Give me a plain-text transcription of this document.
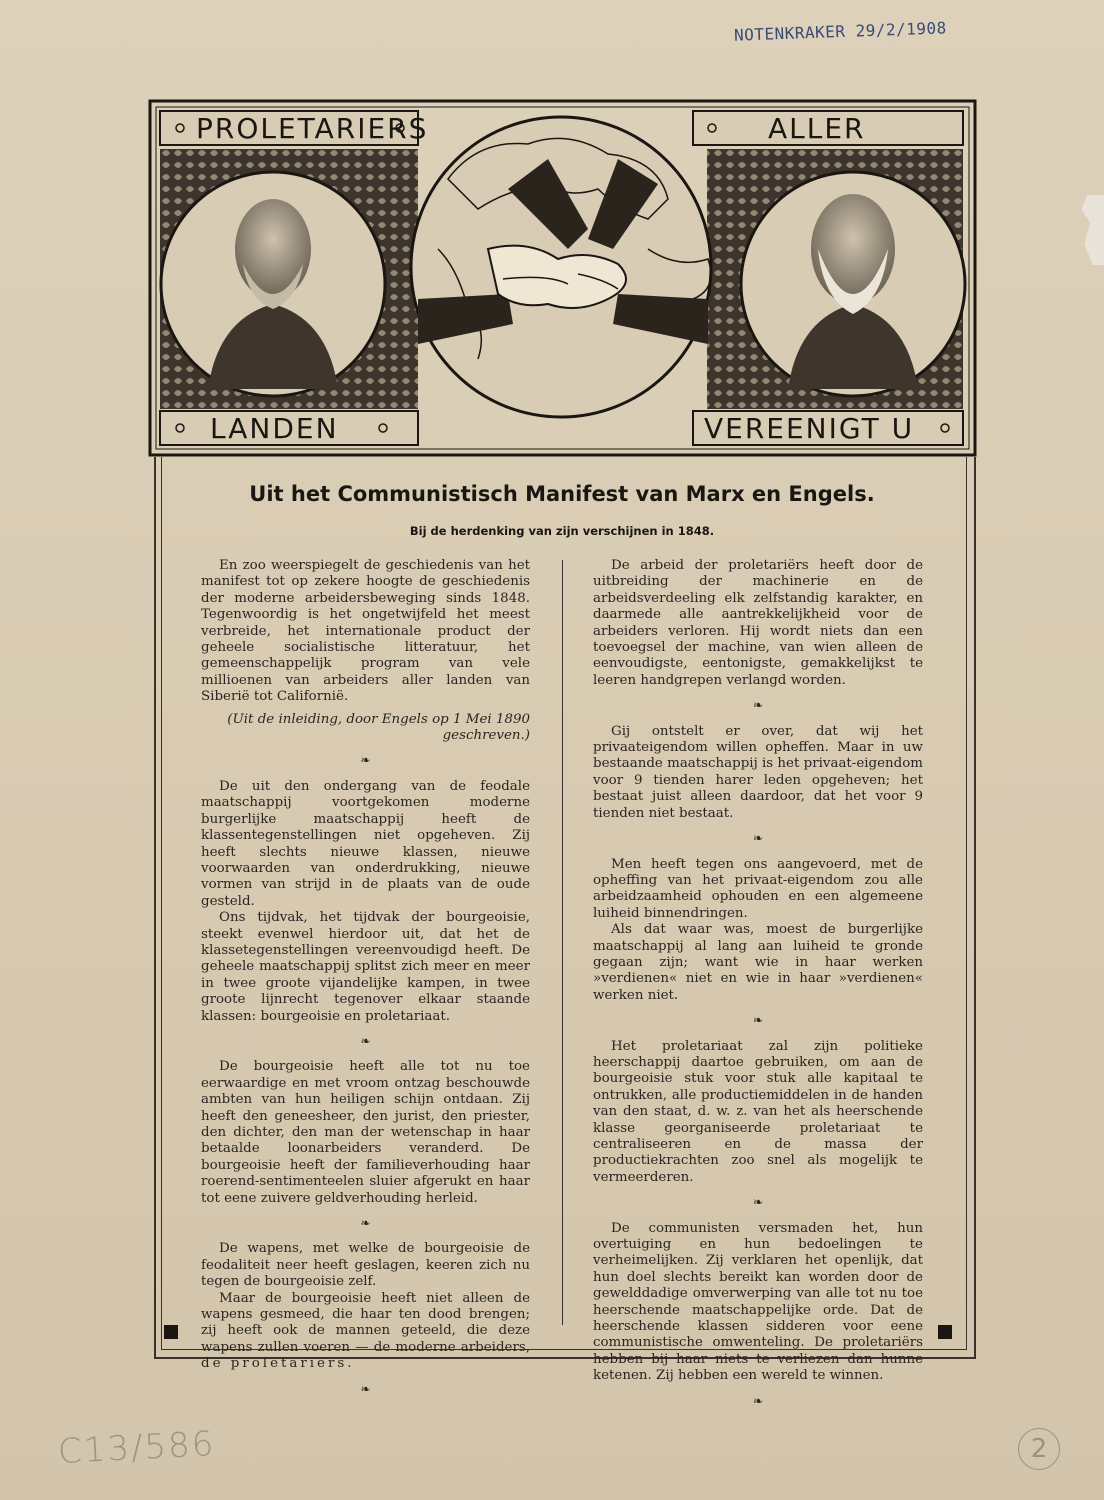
NOTENKRAKER 29/2/1908
C13/586	2
PROLETARIERS	ALLER
LANDEN	VEREENIGT U
Uit het Communistisch Manifest van Marx en Engels.
Bij de herdenking van zijn verschijnen in 1848.

En zoo weerspiegelt de geschiedenis van het manifest tot op zekere hoogte de geschiedenis der moderne arbeidersbeweging sinds 1848. Tegenwoordig is het ongetwijfeld het meest verbreide, het internationale product der geheele socialistische litteratuur, het gemeenschappelijk program van vele millioenen van arbeiders aller landen van Siberië tot Californië.

(Uit de inleiding, door Engels op 1 Mei 1890 geschreven.)

❧

De uit den ondergang van de feodale maatschappij voortgekomen moderne burgerlijke maatschappij heeft de klassentegenstellingen niet opgeheven. Zij heeft slechts nieuwe klassen, nieuwe voorwaarden van onderdrukking, nieuwe vormen van strijd in de plaats van de oude gesteld.

Ons tijdvak, het tijdvak der bourgeoisie, steekt evenwel hierdoor uit, dat het de klassetegenstellingen vereenvoudigd heeft. De geheele maatschappij splitst zich meer en meer in twee groote vijandelijke kampen, in twee groote lijnrecht tegenover elkaar staande klassen: bourgeoisie en proletariaat.

❧

De bourgeoisie heeft alle tot nu toe eerwaardige en met vroom ontzag beschouwde ambten van hun heiligen schijn ontdaan. Zij heeft den geneesheer, den jurist, den priester, den dichter, den man der wetenschap in haar betaalde loonarbeiders veranderd. De bourgeoisie heeft der familieverhouding haar roerend-sentimenteelen sluier afgerukt en haar tot eene zuivere geldverhouding herleid.

❧

De wapens, met welke de bourgeoisie de feodaliteit neer heeft geslagen, keeren zich nu tegen de bourgeoisie zelf.

Maar de bourgeoisie heeft niet alleen de wapens gesmeed, die haar ten dood brengen; zij heeft ook de mannen geteeld, die deze wapens zullen voeren — de moderne arbeiders, de proletariërs.

❧

De arbeid der proletariërs heeft door de uitbreiding der machinerie en de arbeidsverdeeling elk zelfstandig karakter, en daarmede alle aantrekkelijkheid voor de arbeiders verloren. Hij wordt niets dan een toevoegsel der machine, van wien alleen de eenvoudigste, eentonigste, gemakkelijkst te leeren handgrepen verlangd worden.

❧

Gij ontstelt er over, dat wij het privaateigendom willen opheffen. Maar in uw bestaande maatschappij is het privaat-eigendom voor 9 tienden harer leden opgeheven; het bestaat juist alleen daardoor, dat het voor 9 tienden niet bestaat.

❧

Men heeft tegen ons aangevoerd, met de opheffing van het privaat-eigendom zou alle arbeidzaamheid ophouden en een algemeene luiheid binnendringen.

Als dat waar was, moest de burgerlijke maatschappij al lang aan luiheid te gronde gegaan zijn; want wie in haar werken »verdienen« niet en wie in haar »verdienen« werken niet.

❧

Het proletariaat zal zijn politieke heerschappij daartoe gebruiken, om aan de bourgeoisie stuk voor stuk alle kapitaal te ontrukken, alle productiemiddelen in de handen van den staat, d. w. z. van het als heerschende klasse georganiseerde proletariaat te centraliseeren en de massa der productiekrachten zoo snel als mogelijk te vermeerderen.

❧

De communisten versmaden het, hun overtuiging en hun bedoelingen te verheimelijken. Zij verklaren het openlijk, dat hun doel slechts bereikt kan worden door de gewelddadige omverwerping van alle tot nu toe heerschende maatschappelijke orde. Dat de heerschende klassen sidderen voor eene communistische omwenteling. De proletariërs hebben bij haar niets te verliezen dan hunne ketenen. Zij hebben een wereld te winnen.

❧
